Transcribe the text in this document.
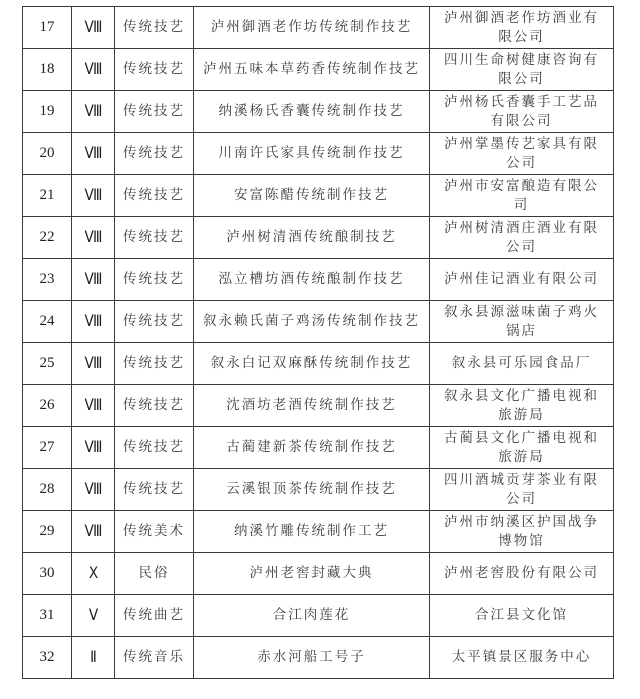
17	Ⅷ	传统技艺	泸州御酒老作坊传统制作技艺	泸州御酒老作坊酒业有限公司
18	Ⅷ	传统技艺	泸州五味本草药香传统制作技艺	四川生命树健康咨询有限公司
19	Ⅷ	传统技艺	纳溪杨氏香囊传统制作技艺	泸州杨氏香囊手工艺品有限公司
20	Ⅷ	传统技艺	川南许氏家具传统制作技艺	泸州掌墨传艺家具有限公司
21	Ⅷ	传统技艺	安富陈醋传统制作技艺	泸州市安富酿造有限公司
22	Ⅷ	传统技艺	泸州树清酒传统酿制技艺	泸州树清酒庄酒业有限公司
23	Ⅷ	传统技艺	泓立槽坊酒传统酿制作技艺	泸州佳记酒业有限公司
24	Ⅷ	传统技艺	叙永赖氏菌子鸡汤传统制作技艺	叙永县源滋味菌子鸡火锅店
25	Ⅷ	传统技艺	叙永白记双麻酥传统制作技艺	叙永县可乐园食品厂
26	Ⅷ	传统技艺	沈酒坊老酒传统制作技艺	叙永县文化广播电视和旅游局
27	Ⅷ	传统技艺	古蔺建新茶传统制作技艺	古蔺县文化广播电视和旅游局
28	Ⅷ	传统技艺	云溪银顶茶传统制作技艺	四川酒城贡芽茶业有限公司
29	Ⅷ	传统美术	纳溪竹雕传统制作工艺	泸州市纳溪区护国战争博物馆
30	Ⅹ	民俗	泸州老窖封藏大典	泸州老窖股份有限公司
31	Ⅴ	传统曲艺	合江肉莲花	合江县文化馆
32	Ⅱ	传统音乐	赤水河船工号子	太平镇景区服务中心
